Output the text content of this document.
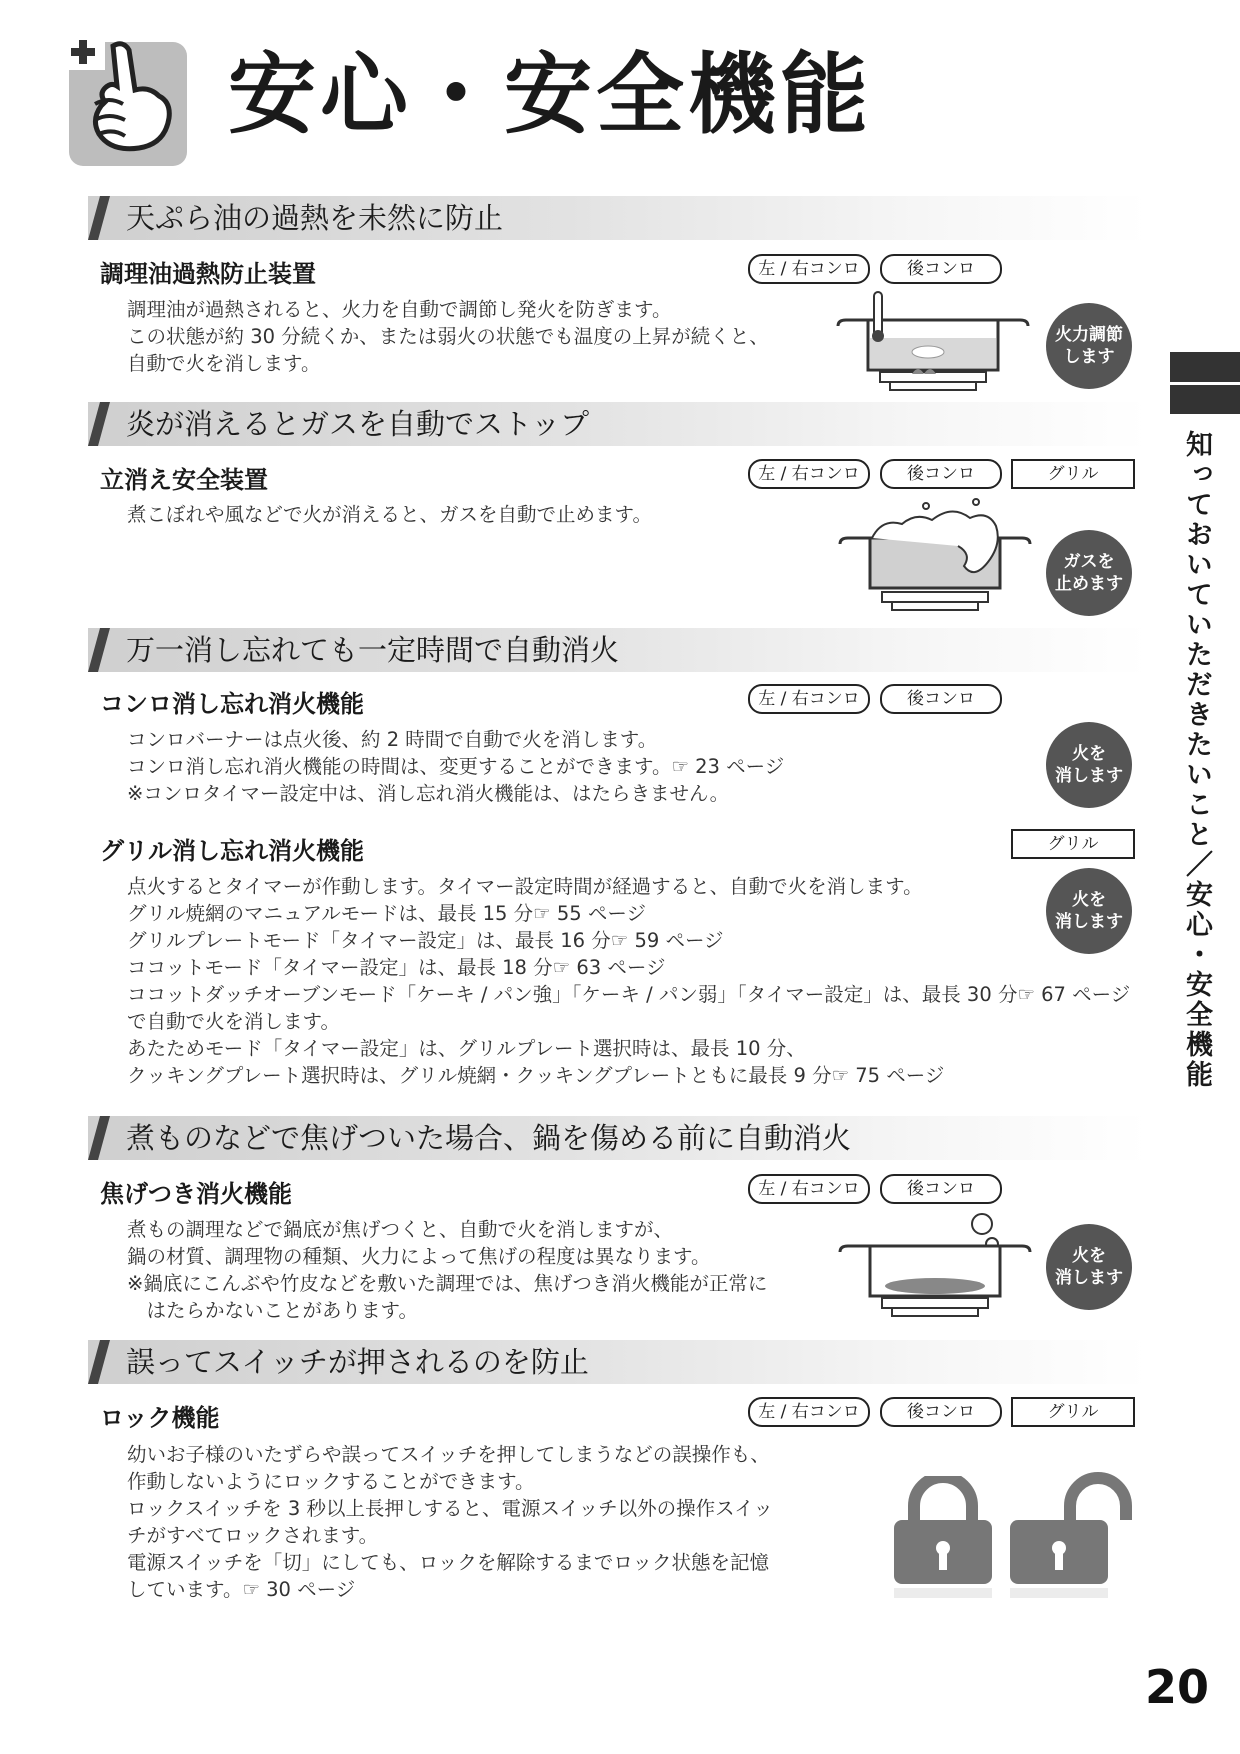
安心・安全機能
知っておいていただきたいこと／安心・安全機能
天ぷら油の過熱を未然に防止
調理油過熱防止装置	左 / 右コンロ	後コンロ
調理油が過熱されると、火力を自動で調節し発火を防ぎます。
この状態が約 30 分続くか、または弱火の状態でも温度の上昇が続くと、
自動で火を消します。
火力調節
します
炎が消えるとガスを自動でストップ
立消え安全装置	左 / 右コンロ	後コンロ	グリル
煮こぼれや風などで火が消えると、ガスを自動で止めます。
ガスを
止めます
万一消し忘れても一定時間で自動消火
コンロ消し忘れ消火機能	左 / 右コンロ	後コンロ
コンロバーナーは点火後、約 2 時間で自動で火を消します。
コンロ消し忘れ消火機能の時間は、変更することができます。☞ 23 ページ
※コンロタイマー設定中は、消し忘れ消火機能は、はたらきません。
火を
消します
グリル消し忘れ消火機能	グリル
点火するとタイマーが作動します。タイマー設定時間が経過すると、自動で火を消します。
グリル焼網のマニュアルモードは、最長 15 分☞ 55 ページ
グリルプレートモード「タイマー設定」は、最長 16 分☞ 59 ページ
ココットモード「タイマー設定」は、最長 18 分☞ 63 ページ
ココットダッチオーブンモード「ケーキ / パン強」「ケーキ / パン弱」「タイマー設定」は、最長 30 分☞ 67 ページ
で自動で火を消します。
あたためモード「タイマー設定」は、グリルプレート選択時は、最長 10 分、
クッキングプレート選択時は、グリル焼網・クッキングプレートともに最長 9 分☞ 75 ページ
火を
消します
煮ものなどで焦げついた場合、鍋を傷める前に自動消火
焦げつき消火機能	左 / 右コンロ	後コンロ
煮もの調理などで鍋底が焦げつくと、自動で火を消しますが、
鍋の材質、調理物の種類、火力によって焦げの程度は異なります。
※鍋底にこんぶや竹皮などを敷いた調理では、焦げつき消火機能が正常に
　はたらかないことがあります。
火を
消します
誤ってスイッチが押されるのを防止
ロック機能	左 / 右コンロ	後コンロ	グリル
幼いお子様のいたずらや誤ってスイッチを押してしまうなどの誤操作も、
作動しないようにロックすることができます。
ロックスイッチを 3 秒以上長押しすると、電源スイッチ以外の操作スイッ
チがすべてロックされます。
電源スイッチを「切」にしても、ロックを解除するまでロック状態を記憶
しています。☞ 30 ページ
20
